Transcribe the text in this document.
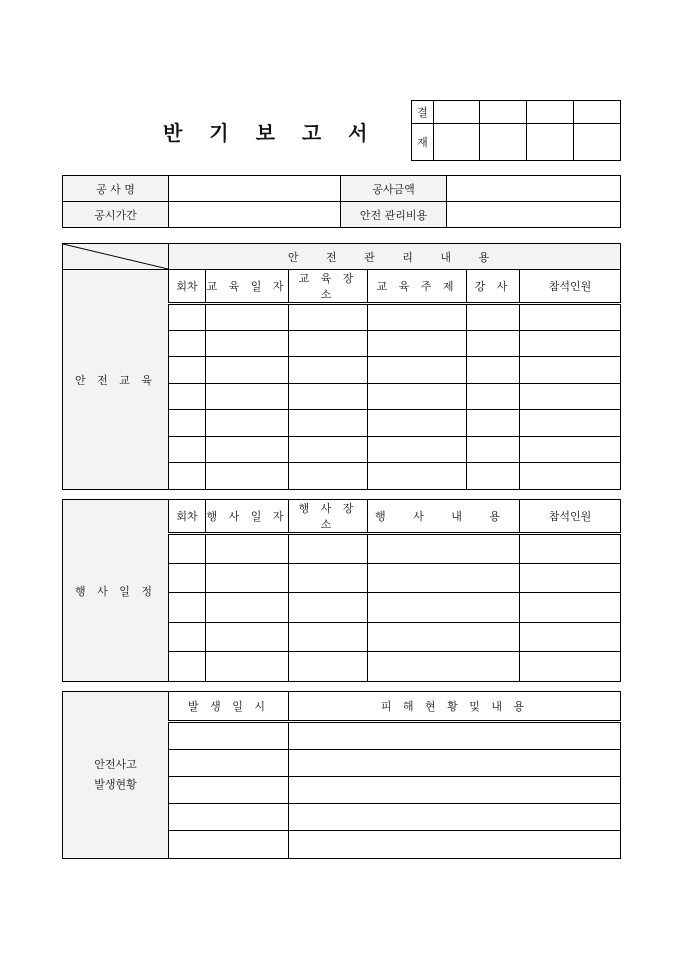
반 기 보 고 서
결				
재				
공 사 명		공사금액	
공시가간		안전 관리비용	
	안 전 관 리 내 용					
안 전 교 육	회차	교 육 일 자	교 육 장 소	교 육 주 제	강 사	참석인원

행 사 일 정	회차	행 사 일 자	행 사 장 소	행 사 내 용	참석인원

안전사고
발생현황	발 생 일 시	피 해 현 황 및 내 용
